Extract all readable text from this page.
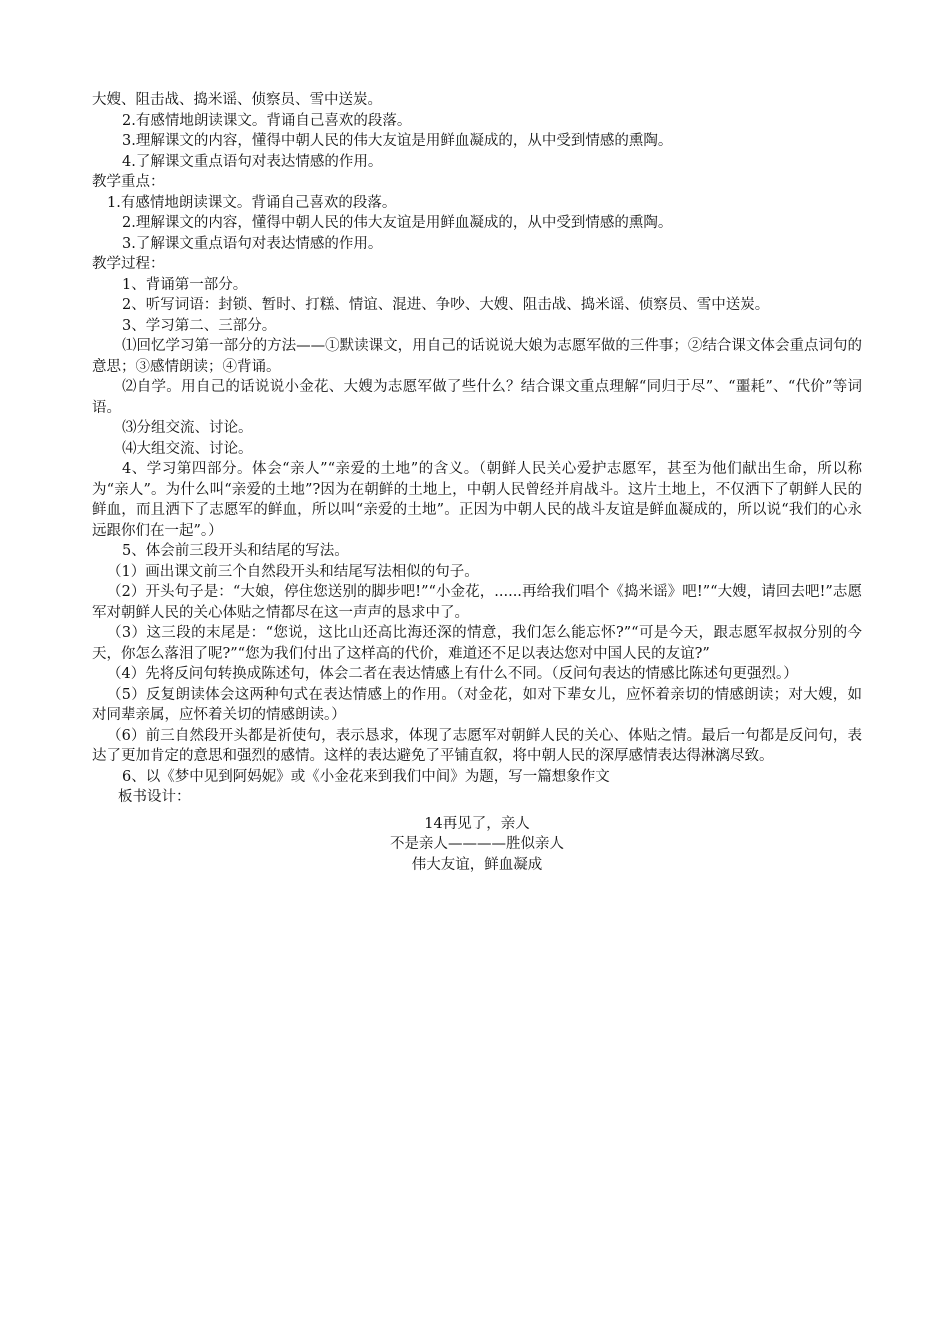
大嫂、阻击战、捣米谣、侦察员、雪中送炭。
2.有感情地朗读课文。背诵自己喜欢的段落。
3.理解课文的内容，懂得中朝人民的伟大友谊是用鲜血凝成的，从中受到情感的熏陶。
4.了解课文重点语句对表达情感的作用。
教学重点：
1.有感情地朗读课文。背诵自己喜欢的段落。
2.理解课文的内容，懂得中朝人民的伟大友谊是用鲜血凝成的，从中受到情感的熏陶。
3.了解课文重点语句对表达情感的作用。
教学过程：
1、背诵第一部分。
2、听写词语：封锁、暂时、打糕、情谊、混进、争吵、大嫂、阻击战、捣米谣、侦察员、雪中送炭。
3、学习第二、三部分。
⑴回忆学习第一部分的方法——①默读课文，用自己的话说说大娘为志愿军做的三件事；②结合课文体会重点词句的意思；③感情朗读；④背诵。
⑵自学。用自己的话说说小金花、大嫂为志愿军做了些什么？结合课文重点理解“同归于尽”、“噩耗”、“代价”等词语。
⑶分组交流、讨论。
⑷大组交流、讨论。
4、学习第四部分。体会“亲人”“亲爱的土地”的含义。（朝鲜人民关心爱护志愿军，甚至为他们献出生命，所以称为“亲人”。为什么叫“亲爱的土地”?因为在朝鲜的土地上，中朝人民曾经并肩战斗。这片土地上，不仅洒下了朝鲜人民的鲜血，而且洒下了志愿军的鲜血，所以叫“亲爱的土地”。正因为中朝人民的战斗友谊是鲜血凝成的，所以说“我们的心永远跟你们在一起”。）
5、体会前三段开头和结尾的写法。
（1）画出课文前三个自然段开头和结尾写法相似的句子。
（2）开头句子是：“大娘，停住您送别的脚步吧!”“小金花，......再给我们唱个《捣米谣》吧!”“大嫂，请回去吧!”志愿军对朝鲜人民的关心体贴之情都尽在这一声声的恳求中了。
（3）这三段的末尾是：“您说，这比山还高比海还深的情意，我们怎么能忘怀?”“可是今天，跟志愿军叔叔分别的今天，你怎么落泪了呢?”“您为我们付出了这样高的代价，难道还不足以表达您对中国人民的友谊?”
（4）先将反问句转换成陈述句，体会二者在表达情感上有什么不同。（反问句表达的情感比陈述句更强烈。）
（5）反复朗读体会这两种句式在表达情感上的作用。（对金花，如对下辈女儿，应怀着亲切的情感朗读；对大嫂，如对同辈亲属，应怀着关切的情感朗读。）
（6）前三自然段开头都是祈使句，表示恳求，体现了志愿军对朝鲜人民的关心、体贴之情。最后一句都是反问句，表达了更加肯定的意思和强烈的感情。这样的表达避免了平铺直叙，将中朝人民的深厚感情表达得淋漓尽致。
6、以《梦中见到阿妈妮》或《小金花来到我们中间》为题，写一篇想象作文
板书设计：
14再见了，亲人
不是亲人————胜似亲人
伟大友谊，鲜血凝成
